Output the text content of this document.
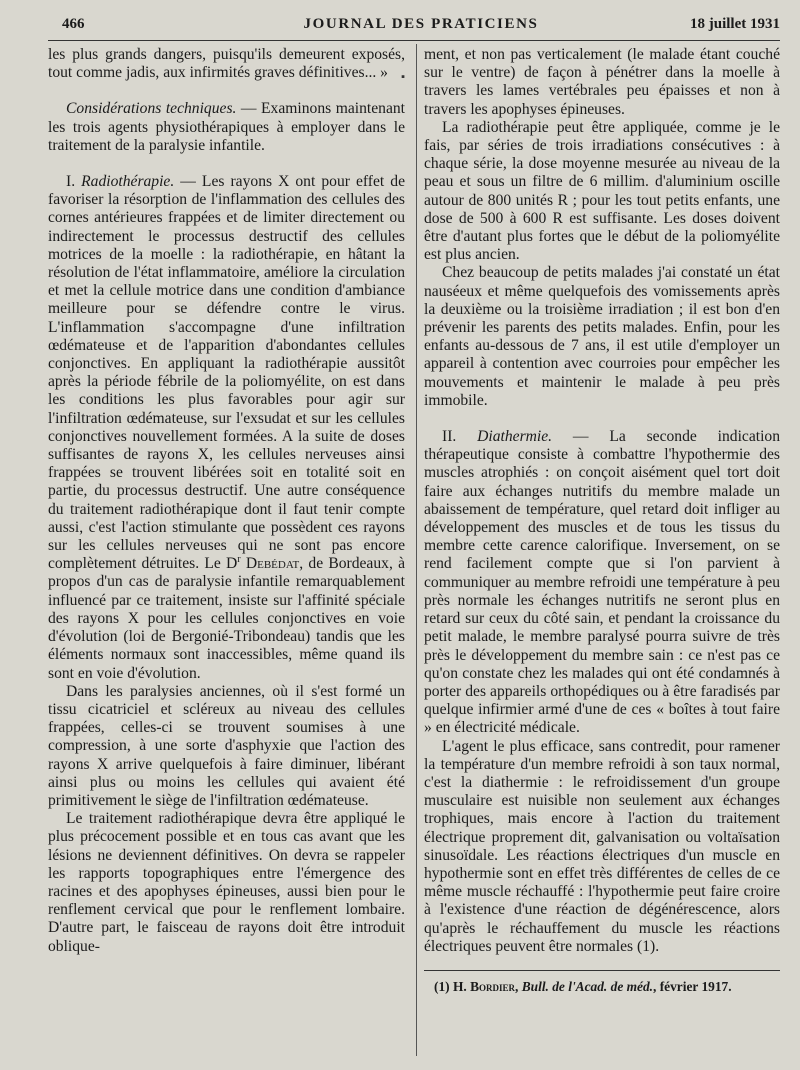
466	JOURNAL DES PRATICIENS	18 juillet 1931

les plus grands dangers, puisqu'ils demeurent exposés, tout comme jadis, aux infirmités graves définitives... » ▪

Considérations techniques. — Examinons maintenant les trois agents physiothérapiques à employer dans le traitement de la paralysie infantile.

I. Radiothérapie. — Les rayons X ont pour effet de favoriser la résorption de l'inflammation des cellules des cornes antérieures frappées et de limiter directement ou indirectement le processus destructif des cellules motrices de la moelle : la radiothérapie, en hâtant la résolution de l'état inflammatoire, améliore la circulation et met la cellule motrice dans une condition d'ambiance meilleure pour se défendre contre le virus. L'inflammation s'accompagne d'une infiltration œdémateuse et de l'apparition d'abondantes cellules conjonctives. En appliquant la radiothérapie aussitôt après la période fébrile de la poliomyélite, on est dans les conditions les plus favorables pour agir sur l'infiltration œdémateuse, sur l'exsudat et sur les cellules conjonctives nouvellement formées. A la suite de doses suffisantes de rayons X, les cellules nerveuses ainsi frappées se trouvent libérées soit en totalité soit en partie, du processus destructif. Une autre conséquence du traitement radiothérapique dont il faut tenir compte aussi, c'est l'action stimulante que possèdent ces rayons sur les cellules nerveuses qui ne sont pas encore complètement détruites. Le $D^r$ Debédat, de Bordeaux, à propos d'un cas de paralysie infantile remarquablement influencé par ce traitement, insiste sur l'affinité spéciale des rayons X pour les cellules conjonctives en voie d'évolution (loi de Bergonié-Tribondeau) tandis que les éléments normaux sont inaccessibles, même quand ils sont en voie d'évolution.

Dans les paralysies anciennes, où il s'est formé un tissu cicatriciel et scléreux au niveau des cellules frappées, celles-ci se trouvent soumises à une compression, à une sorte d'asphyxie que l'action des rayons X arrive quelquefois à faire diminuer, libérant ainsi plus ou moins les cellules qui avaient été primitivement le siège de l'infiltration œdémateuse.

Le traitement radiothérapique devra être appliqué le plus précocement possible et en tous cas avant que les lésions ne deviennent définitives. On devra se rappeler les rapports topographiques entre l'émergence des racines et des apophyses épineuses, aussi bien pour le renflement cervical que pour le renflement lombaire. D'autre part, le faisceau de rayons doit être introduit oblique-

ment, et non pas verticalement (le malade étant couché sur le ventre) de façon à pénétrer dans la moelle à travers les lames vertébrales peu épaisses et non à travers les apophyses épineuses.

La radiothérapie peut être appliquée, comme je le fais, par séries de trois irradiations consécutives : à chaque série, la dose moyenne mesurée au niveau de la peau et sous un filtre de 6 millim. d'aluminium oscille autour de 800 unités R ; pour les tout petits enfants, une dose de 500 à 600 R est suffisante. Les doses doivent être d'autant plus fortes que le début de la poliomyélite est plus ancien.

Chez beaucoup de petits malades j'ai constaté un état nauséeux et même quelquefois des vomissements après la deuxième ou la troisième irradiation ; il est bon d'en prévenir les parents des petits malades. Enfin, pour les enfants au-dessous de 7 ans, il est utile d'employer un appareil à contention avec courroies pour empêcher les mouvements et maintenir le malade à peu près immobile.

II. Diathermie. — La seconde indication thérapeutique consiste à combattre l'hypothermie des muscles atrophiés : on conçoit aisément quel tort doit faire aux échanges nutritifs du membre malade un abaissement de température, quel retard doit infliger au développement des muscles et de tous les tissus du membre cette carence calorifique. Inversement, on se rend facilement compte que si l'on parvient à communiquer au membre refroidi une température à peu près normale les échanges nutritifs ne seront plus en retard sur ceux du côté sain, et pendant la croissance du petit malade, le membre paralysé pourra suivre de très près le développement du membre sain : ce n'est pas ce qu'on constate chez les malades qui ont été condamnés à porter des appareils orthopédiques ou à être faradisés par quelque infirmier armé d'une de ces « boîtes à tout faire » en électricité médicale.

L'agent le plus efficace, sans contredit, pour ramener la température d'un membre refroidi à son taux normal, c'est la diathermie : le refroidissement d'un groupe musculaire est nuisible non seulement aux échanges trophiques, mais encore à l'action du traitement électrique proprement dit, galvanisation ou voltaïsation sinusoïdale. Les réactions électriques d'un muscle en hypothermie sont en effet très différentes de celles de ce même muscle réchauffé : l'hypothermie peut faire croire à l'existence d'une réaction de dégénérescence, alors qu'après le réchauffement du muscle les réactions électriques peuvent être normales (1).

(1) H. Bordier, Bull. de l'Acad. de méd., février 1917.
